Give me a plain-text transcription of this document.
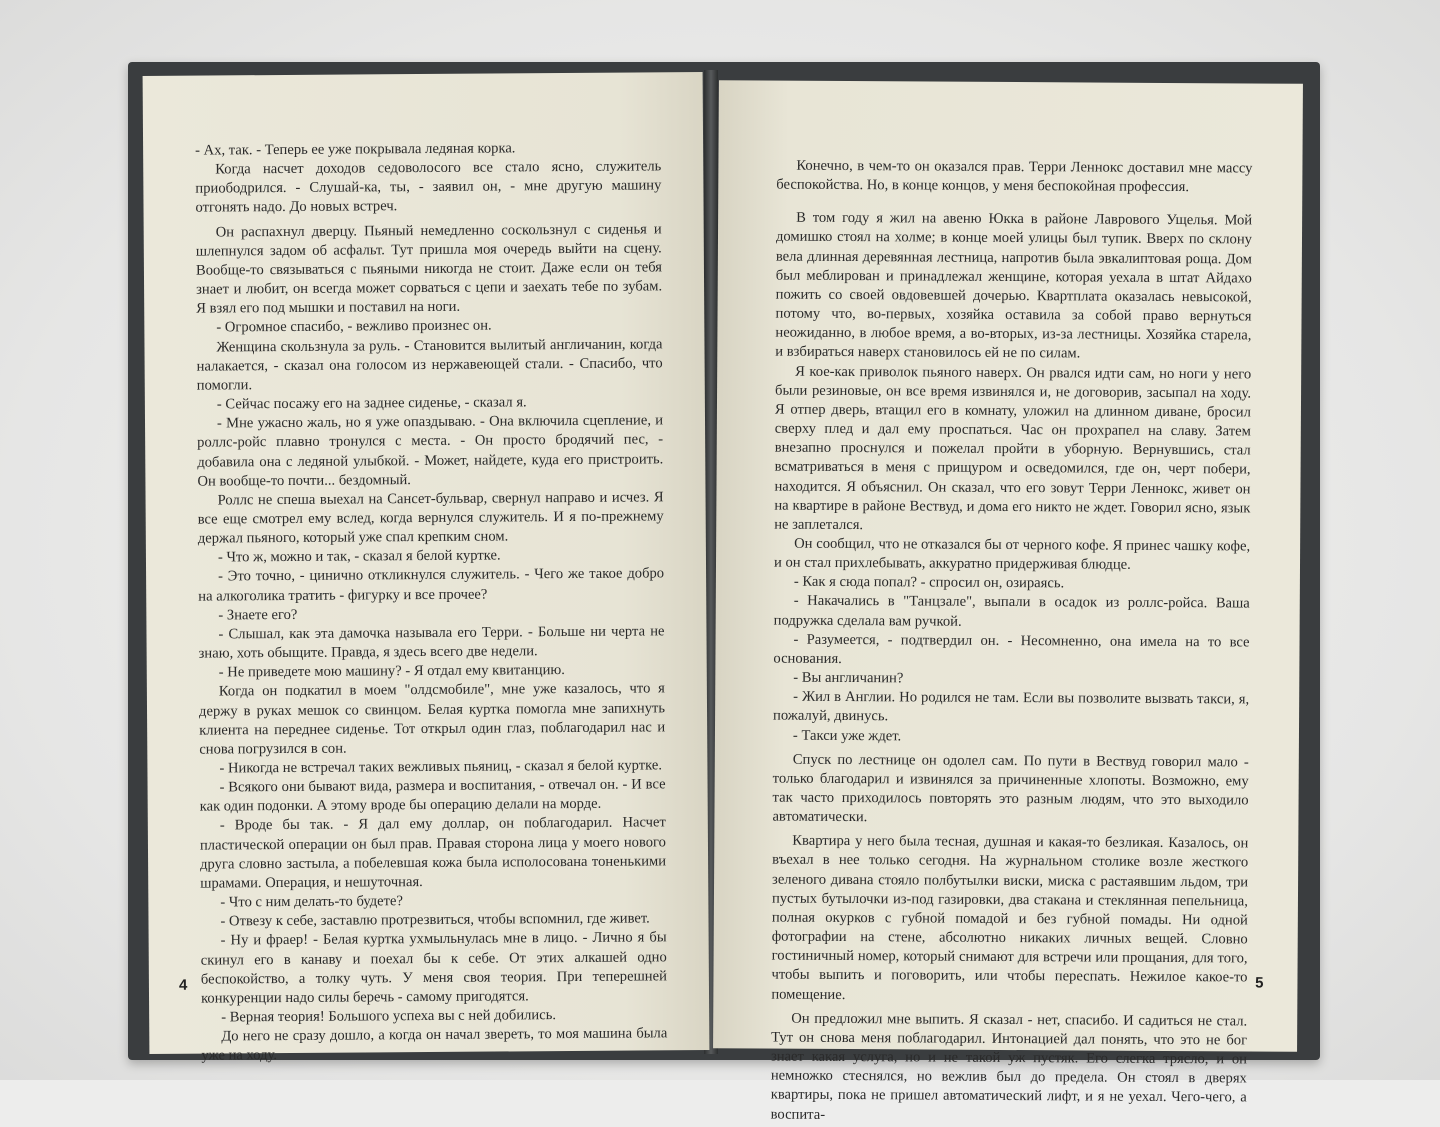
- Ах, так. - Теперь ее уже покрывала ледяная корка.

Когда насчет доходов седоволосого все стало ясно, служитель приободрился. - Слушай-ка, ты, - заявил он, - мне другую машину отгонять надо. До новых встреч.

Он распахнул дверцу. Пьяный немедленно соскользнул с сиденья и шлепнулся задом об асфальт. Тут пришла моя очередь выйти на сцену. Вообще-то связываться с пьяными никогда не стоит. Даже если он тебя знает и любит, он всегда может сорваться с цепи и заехать тебе по зубам. Я взял его под мышки и поставил на ноги.

- Огромное спасибо, - вежливо произнес он.

Женщина скользнула за руль. - Становится вылитый англичанин, когда налакается, - сказал она голосом из нержавеющей стали. - Спасибо, что помогли.

- Сейчас посажу его на заднее сиденье, - сказал я.

- Мне ужасно жаль, но я уже опаздываю. - Она включила сцепление, и роллс-ройс плавно тронулся с места. - Он просто бродячий пес, - добавила она с ледяной улыбкой. - Может, найдете, куда его пристроить. Он вообще-то почти... бездомный.

Роллс не спеша выехал на Сансет-бульвар, свернул направо и исчез. Я все еще смотрел ему вслед, когда вернулся служитель. И я по-прежнему держал пьяного, который уже спал крепким сном.

- Что ж, можно и так, - сказал я белой куртке.

- Это точно, - цинично откликнулся служитель. - Чего же такое добро на алкоголика тратить - фигурку и все прочее?

- Знаете его?

- Слышал, как эта дамочка называла его Терри. - Больше ни черта не знаю, хоть обыщите. Правда, я здесь всего две недели.

- Не приведете мою машину? - Я отдал ему квитанцию.

Когда он подкатил в моем "олдсмобиле", мне уже казалось, что я держу в руках мешок со свинцом. Белая куртка помогла мне запихнуть клиента на переднее сиденье. Тот открыл один глаз, поблагодарил нас и снова погрузился в сон.

- Никогда не встречал таких вежливых пьяниц, - сказал я белой куртке.

- Всякого они бывают вида, размера и воспитания, - отвечал он. - И все как один подонки. А этому вроде бы операцию делали на морде.

- Вроде бы так. - Я дал ему доллар, он поблагодарил. Насчет пластической операции он был прав. Правая сторона лица у моего нового друга словно застыла, а побелевшая кожа была исполосована тоненькими шрамами. Операция, и нешуточная.

- Что с ним делать-то будете?

- Отвезу к себе, заставлю протрезвиться, чтобы вспомнил, где живет.

- Ну и фраер! - Белая куртка ухмыльнулась мне в лицо. - Лично я бы скинул его в канаву и поехал бы к себе. От этих алкашей одно беспокойство, а толку чуть. У меня своя теория. При теперешней конкуренции надо силы беречь - самому пригодятся.

- Верная теория! Большого успеха вы с ней добились.

До него не сразу дошло, а когда он начал звереть, то моя машина была уже на ходу.

4

Конечно, в чем-то он оказался прав. Терри Леннокс доставил мне массу беспокойства. Но, в конце концов, у меня беспокойная профессия.

В том году я жил на авеню Юкка в районе Лаврового Ущелья. Мой домишко стоял на холме; в конце моей улицы был тупик. Вверх по склону вела длинная деревянная лестница, напротив была эвкалиптовая роща. Дом был меблирован и принадлежал женщине, которая уехала в штат Айдахо пожить со своей овдовевшей дочерью. Квартплата оказалась невысокой, потому что, во-первых, хозяйка оставила за собой право вернуться неожиданно, в любое время, а во-вторых, из-за лестницы. Хозяйка старела, и взбираться наверх становилось ей не по силам.

Я кое-как приволок пьяного наверх. Он рвался идти сам, но ноги у него были резиновые, он все время извинялся и, не договорив, засыпал на ходу. Я отпер дверь, втащил его в комнату, уложил на длинном диване, бросил сверху плед и дал ему проспаться. Час он прохрапел на славу. Затем внезапно проснулся и пожелал пройти в уборную. Вернувшись, стал всматриваться в меня с прищуром и осведомился, где он, черт побери, находится. Я объяснил. Он сказал, что его зовут Терри Леннокс, живет он на квартире в районе Вествуд, и дома его никто не ждет. Говорил ясно, язык не заплетался.

Он сообщил, что не отказался бы от черного кофе. Я принес чашку кофе, и он стал прихлебывать, аккуратно придерживая блюдце.

- Как я сюда попал? - спросил он, озираясь.

- Накачались в "Танцзале", выпали в осадок из роллс-ройса. Ваша подружка сделала вам ручкой.

- Разумеется, - подтвердил он. - Несомненно, она имела на то все основания.

- Вы англичанин?

- Жил в Англии. Но родился не там. Если вы позволите вызвать такси, я, пожалуй, двинусь.

- Такси уже ждет.

Спуск по лестнице он одолел сам. По пути в Вествуд говорил мало - только благодарил и извинялся за причиненные хлопоты. Возможно, ему так часто приходилось повторять это разным людям, что это выходило автоматически.

Квартира у него была тесная, душная и какая-то безликая. Казалось, он въехал в нее только сегодня. На журнальном столике возле жесткого зеленого дивана стояло полбутылки виски, миска с растаявшим льдом, три пустых бутылочки из-под газировки, два стакана и стеклянная пепельница, полная окурков с губной помадой и без губной помады. Ни одной фотографии на стене, абсолютно никаких личных вещей. Словно гостиничный номер, который снимают для встречи или прощания, для того, чтобы выпить и поговорить, или чтобы переспать. Нежилое какое-то помещение.

Он предложил мне выпить. Я сказал - нет, спасибо. И садиться не стал. Тут он снова меня поблагодарил. Интонацией дал понять, что это не бог знает какая услуга, но и не такой уж пустяк. Его слегка трясло, и он немножко стеснялся, но вежлив был до предела. Он стоял в дверях квартиры, пока не пришел автоматический лифт, и я не уехал. Чего-чего, а воспита-

5
